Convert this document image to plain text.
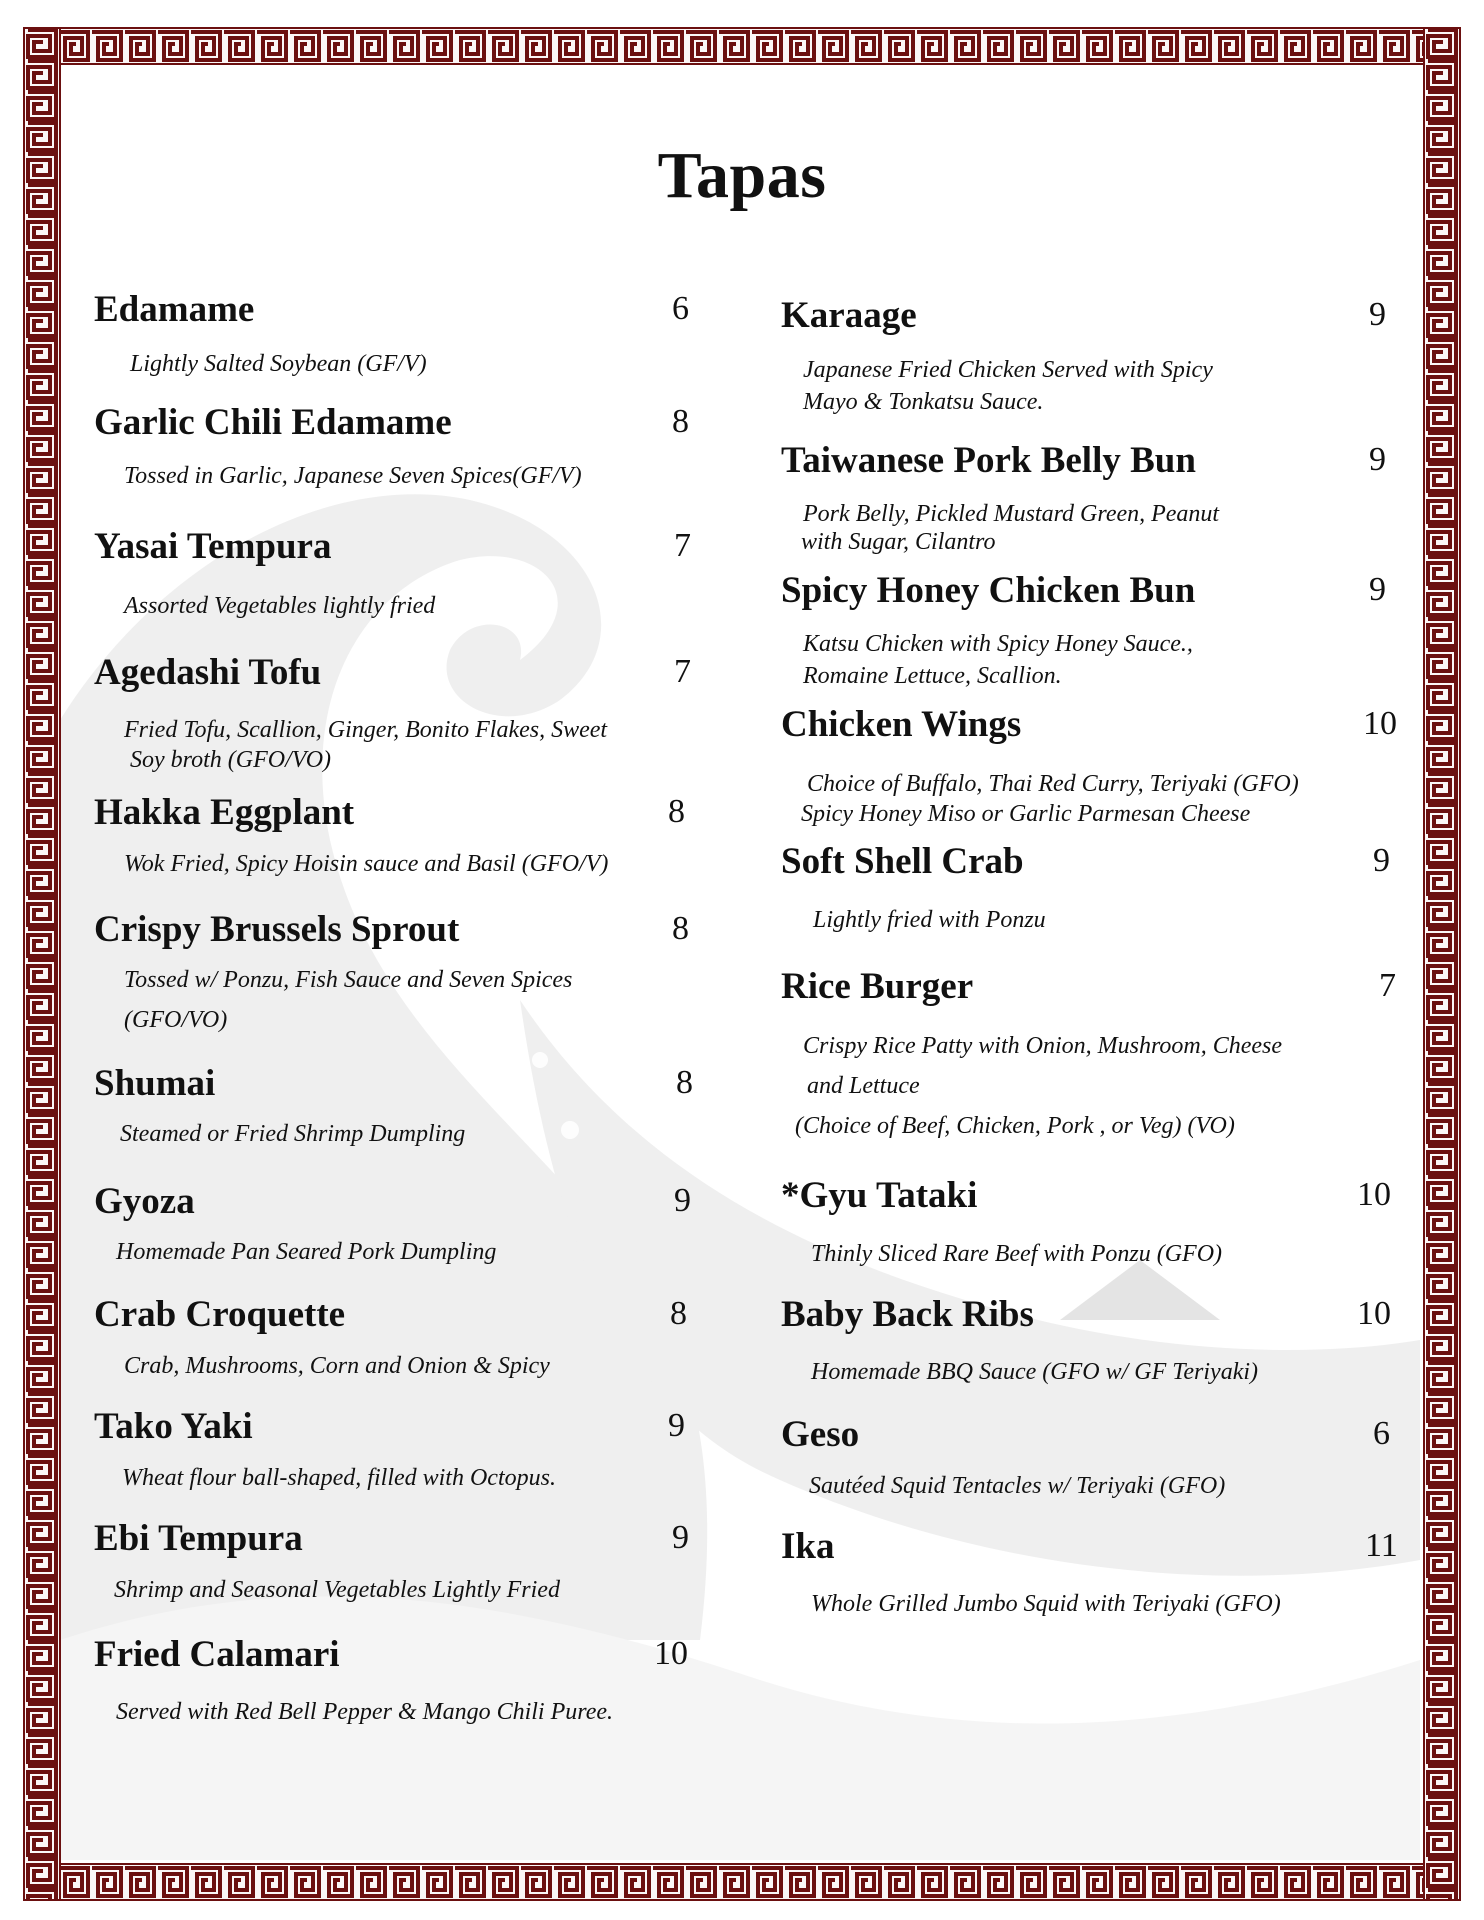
Tapas
Edamame	6
Lightly Salted Soybean (GF/V)
Garlic Chili Edamame	8
Tossed in Garlic, Japanese Seven Spices(GF/V)
Yasai Tempura	7
Assorted Vegetables lightly fried
Agedashi Tofu	7
Fried Tofu, Scallion, Ginger, Bonito Flakes, Sweet
Soy broth (GFO/VO)
Hakka Eggplant	8
Wok Fried, Spicy Hoisin sauce and Basil (GFO/V)
Crispy Brussels Sprout	8
Tossed w/ Ponzu, Fish Sauce and Seven Spices
(GFO/VO)
Shumai	8
Steamed or Fried Shrimp Dumpling
Gyoza	9
Homemade Pan Seared Pork Dumpling
Crab Croquette	8
Crab, Mushrooms, Corn and Onion & Spicy
Tako Yaki	9
Wheat flour ball-shaped, filled with Octopus.
Ebi Tempura	9
Shrimp and Seasonal Vegetables Lightly Fried
Fried Calamari	10
Served with Red Bell Pepper & Mango Chili Puree.
Karaage	9
Japanese Fried Chicken Served with Spicy
Mayo & Tonkatsu Sauce.
Taiwanese Pork Belly Bun	9
Pork Belly, Pickled Mustard Green, Peanut
with Sugar, Cilantro
Spicy Honey Chicken Bun	9
Katsu Chicken with Spicy Honey Sauce.,
Romaine Lettuce, Scallion.
Chicken Wings	10
Choice of Buffalo, Thai Red Curry, Teriyaki (GFO)
Spicy Honey Miso or Garlic Parmesan Cheese
Soft Shell Crab	9
Lightly fried with Ponzu
Rice Burger	7
Crispy Rice Patty with Onion, Mushroom, Cheese
and Lettuce
(Choice of Beef, Chicken, Pork , or Veg) (VO)
*Gyu Tataki	10
Thinly Sliced Rare Beef with Ponzu (GFO)
Baby Back Ribs	10
Homemade BBQ Sauce (GFO w/ GF Teriyaki)
Geso	6
Sautéed Squid Tentacles w/ Teriyaki (GFO)
Ika	11
Whole Grilled Jumbo Squid with Teriyaki (GFO)
